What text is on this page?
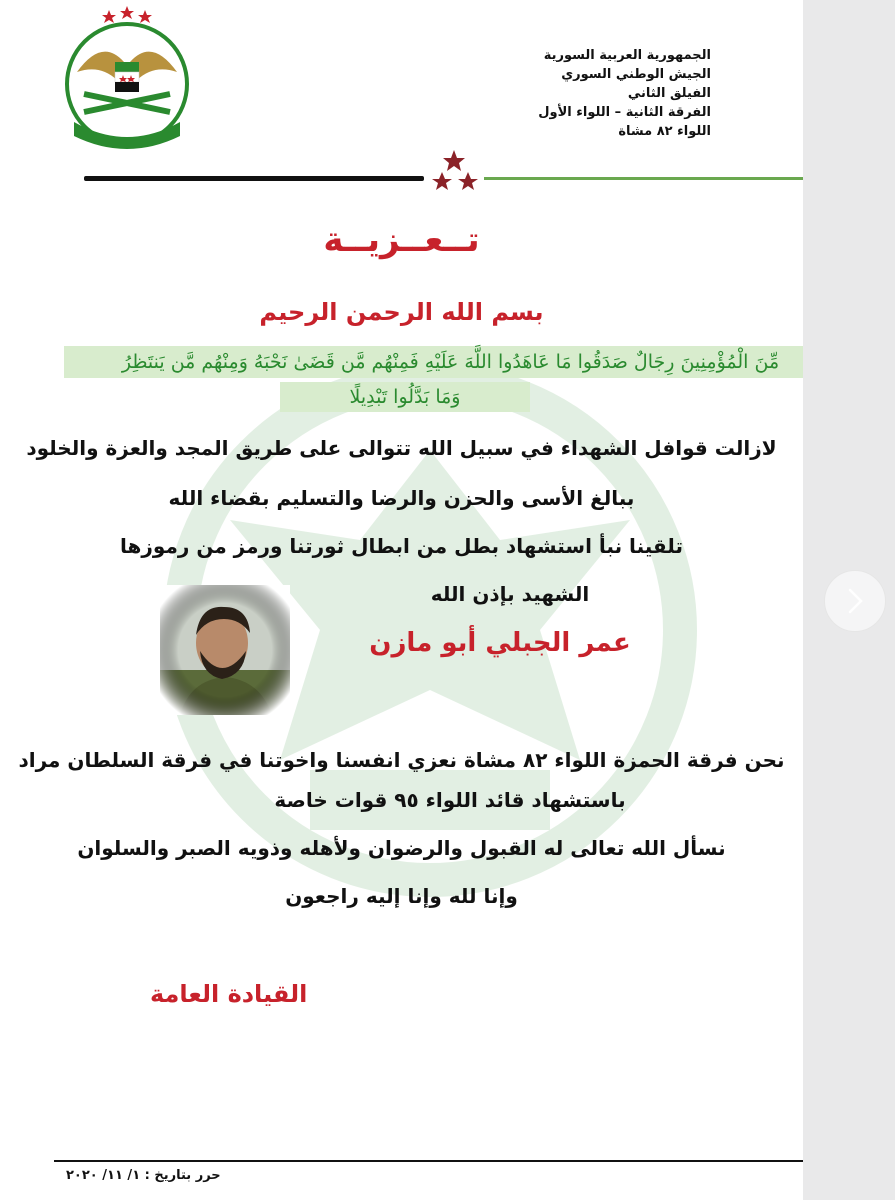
الجمهورية العربية السورية
الجيش الوطني السوري
الفيلق الثاني
الفرقة الثانية – اللواء الأول
اللواء ٨٢ مشاة
تــعــزيــة
بسم الله الرحمن الرحيم
مِّنَ الْمُؤْمِنِينَ رِجَالٌ صَدَقُوا مَا عَاهَدُوا اللَّهَ عَلَيْهِ فَمِنْهُم مَّن قَضَىٰ نَحْبَهُ وَمِنْهُم مَّن يَنتَظِرُ
وَمَا بَدَّلُوا تَبْدِيلًا
لازالت قوافل الشهداء في سبيل الله تتوالى على طريق المجد والعزة والخلود
ببالغ الأسى والحزن والرضا والتسليم بقضاء الله
تلقينا نبأ استشهاد بطل من ابطال ثورتنا ورمز من رموزها
الشهيد بإذن الله
عمر الجبلي أبو مازن
نحن فرقة الحمزة اللواء ٨٢ مشاة نعزي انفسنا واخوتنا في فرقة السلطان مراد
باستشهاد قائد اللواء ٩٥ قوات خاصة
نسأل الله تعالى له القبول والرضوان ولأهله وذويه الصبر والسلوان
وإنا لله وإنا إليه راجعون
القيادة العامة
حرر بتاريخ : ١/ ١١/ ٢٠٢٠
